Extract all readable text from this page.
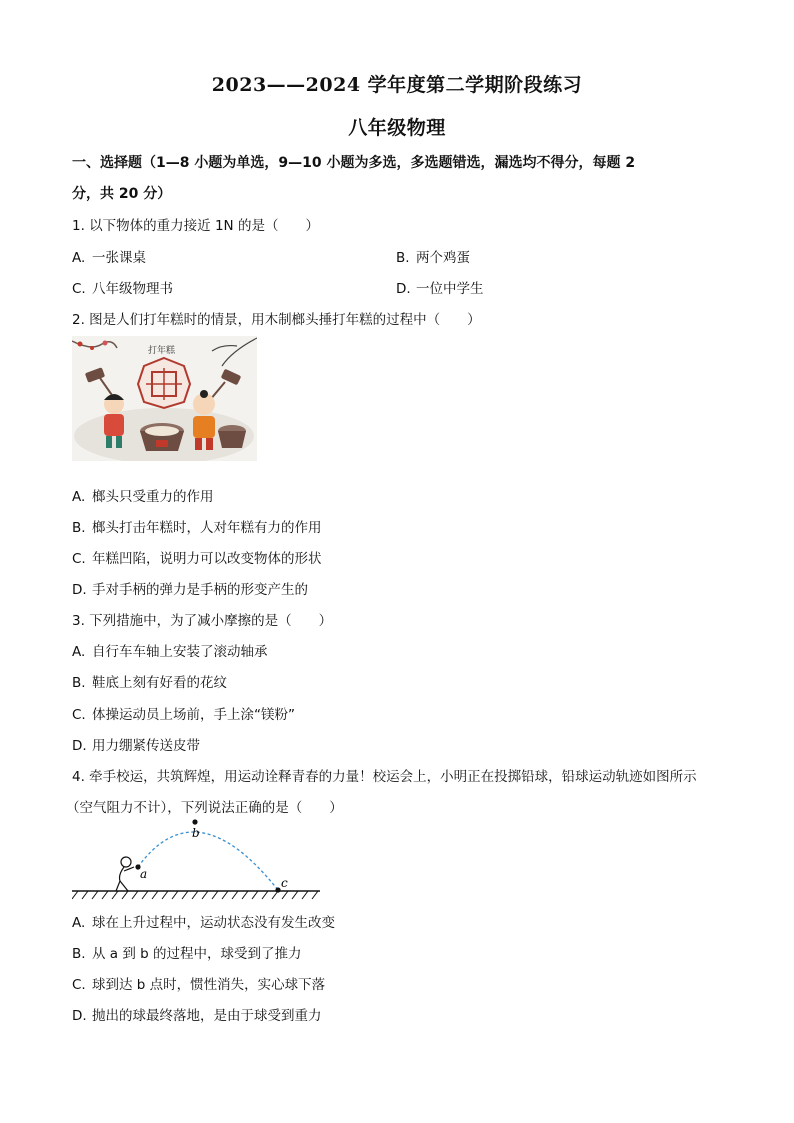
2023——2024 学年度第二学期阶段练习
八年级物理
一、选择题（1—8 小题为单选，9—10 小题为多选，多选题错选，漏选均不得分，每题 2
分，共 20 分）
1. 以下物体的重力接近 1N 的是（　　）
A. 一张课桌	B. 两个鸡蛋
C. 八年级物理书	D. 一位中学生
2. 图是人们打年糕时的情景，用木制榔头捶打年糕的过程中（　　）
打年糕
A. 榔头只受重力的作用
B. 榔头打击年糕时，人对年糕有力的作用
C. 年糕凹陷，说明力可以改变物体的形状
D. 手对手柄的弹力是手柄的形变产生的
3. 下列措施中，为了减小摩擦的是（　　）
A. 自行车车轴上安装了滚动轴承
B. 鞋底上刻有好看的花纹
C. 体操运动员上场前，手上涂“镁粉”
D. 用力绷紧传送皮带
4. 牵手校运，共筑辉煌，用运动诠释青春的力量！校运会上，小明正在投掷铅球，铅球运动轨迹如图所示
（空气阻力不计），下列说法正确的是（　　）
a
b
c
A. 球在上升过程中，运动状态没有发生改变
B. 从 a 到 b 的过程中，球受到了推力
C. 球到达 b 点时，惯性消失，实心球下落
D. 抛出的球最终落地，是由于球受到重力
